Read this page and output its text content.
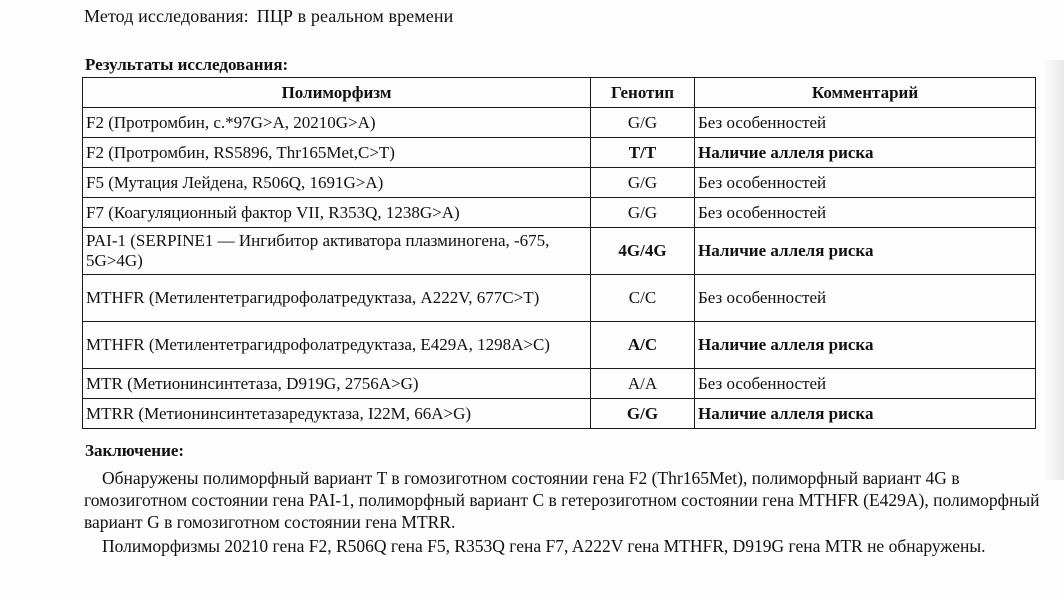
Метод исследования: ПЦР в реальном времени
Результаты исследования:
Полиморфизм	Генотип	Комментарий
F2 (Протромбин, с.*97G>A, 20210G>A)	G/G	Без особенностей
F2 (Протромбин, RS5896, Thr165Met,C>T)	T/T	Наличие аллеля риска
F5 (Мутация Лейдена, R506Q, 1691G>A)	G/G	Без особенностей
F7 (Коагуляционный фактор VII, R353Q, 1238G>A)	G/G	Без особенностей
PAI-1 (SERPINE1 — Ингибитор активатора плазминогена, -675, 5G>4G)	4G/4G	Наличие аллеля риска
MTHFR (Метилентетрагидрофолатредуктаза, A222V, 677C>T)	C/C	Без особенностей
MTHFR (Метилентетрагидрофолатредуктаза, E429A, 1298A>C)	A/C	Наличие аллеля риска
MTR (Метионинсинтетаза, D919G, 2756A>G)	A/A	Без особенностей
MTRR (Метионинсинтетазаредуктаза, I22M, 66A>G)	G/G	Наличие аллеля риска
Заключение:
Обнаружены полиморфный вариант T в гомозиготном состоянии гена F2 (Thr165Met), полиморфный вариант 4G в гомозиготном состоянии гена PAI-1, полиморфный вариант C в гетерозиготном состоянии гена MTHFR (E429A), полиморфный вариант G в гомозиготном состоянии гена MTRR.
Полиморфизмы 20210 гена F2, R506Q гена F5, R353Q гена F7, A222V гена MTHFR, D919G гена MTR не обнаружены.
